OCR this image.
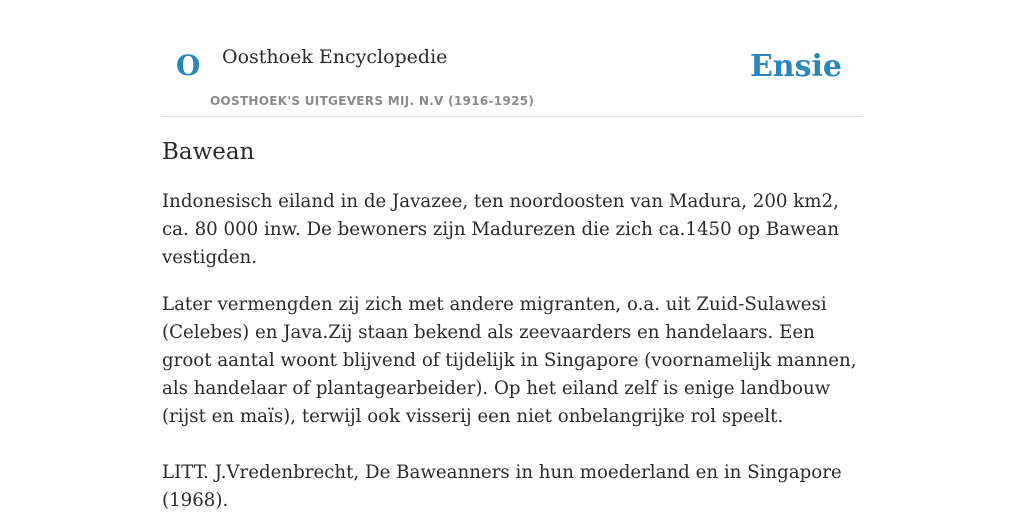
O Oosthoek Encyclopedie
OOSTHOEK'S UITGEVERS MIJ. N.V (1916-1925)
Ensie
Bawean

Indonesisch eiland in de Javazee, ten noordoosten van Madura, 200 km2, ca. 80 000 inw. De bewoners zijn Madurezen die zich ca.1450 op Bawean vestigden.

Later vermengden zij zich met andere migranten, o.a. uit Zuid-Sulawesi (Celebes) en Java.Zij staan bekend als zeevaarders en handelaars. Een groot aantal woont blijvend of tijdelijk in Singapore (voornamelijk mannen, als handelaar of plantagearbeider). Op het eiland zelf is enige landbouw (rijst en maïs), terwijl ook visserij een niet onbelangrijke rol speelt.

LITT. J.Vredenbrecht, De Baweanners in hun moederland en in Singapore (1968).
